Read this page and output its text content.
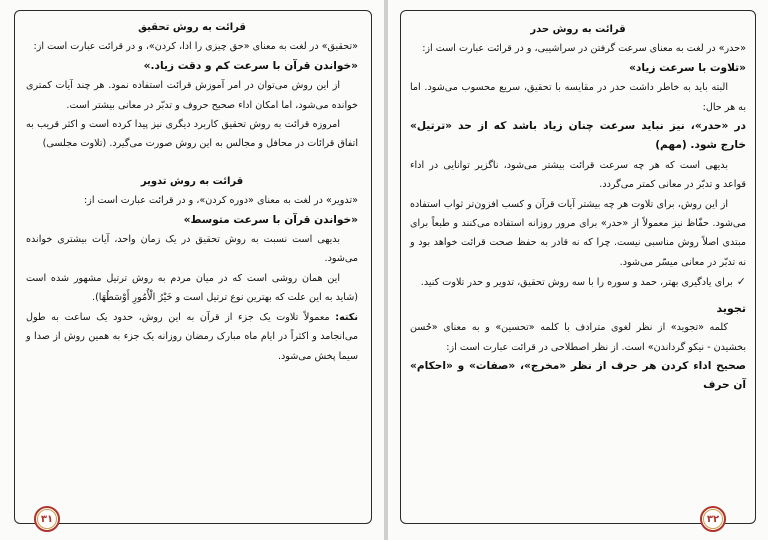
قرائت به روش تحقیق

«تحقیق» در لغت به معنای «حق چیزی را ادا، کردن»، و در قرائت عبارت است از:

«خواندن قرآن با سرعت کم و دقت زیاد.»

از این روش می‌توان در امر آموزش قرائت استفاده نمود. هر چند آیات کمتری خوانده می‌شود، اما امکان اداء صحیح حروف و تدبّر در معانی بیشتر است.

امروزه قرائت به روش تحقیق کاربرد دیگری نیز پیدا کرده است و اکثر قریب به اتفاق قرائات در محافل و مجالس به این روش صورت می‌گیرد. (تلاوت مجلسی)

قرائت به روش تدویر

«تدویر» در لغت به معنای «دوره کردن»، و در قرائت عبارت است از:

«خواندن قرآن با سرعت متوسط»

بدیهی است نسبت به روش تحقیق در یک زمان واحد، آیات بیشتری خوانده می‌شود.

این همان روشی است که در میان مردم به روش ترتیل مشهور شده است (شاید به این علت که بهترین نوع ترتیل است و خَیْرُ الْأُمُورِ أَوْسَطُهَا).

نکته: معمولاً تلاوت یک جزء از قرآن به این روش، حدود یک ساعت به طول می‌انجامد و اکثراً در ایام ماه مبارک رمضان روزانه یک جزء به همین روش از صدا و سیما پخش می‌شود.

۳۱

قرائت به روش حدر

«حدر» در لغت به معنای سرعت گرفتن در سراشیبی، و در قرائت عبارت است از:

«تلاوت با سرعت زیاد»

البته باید به خاطر داشت حدر در مقایسه با تحقیق، سریع محسوب می‌شود. اما به هر حال:

در «حدر»، نیز نباید سرعت چنان زیاد باشد که از حد «ترتیل» خارج شود. (مهم)

بدیهی است که هر چه سرعت قرائت بیشتر می‌شود، ناگزیر توانایی در اداء قواعد و تدبّر در معانی کمتر می‌گردد.

از این روش، برای تلاوت هر چه بیشتر آیات قرآن و کسب افزون‌تر ثواب استفاده می‌شود. حفّاظ نیز معمولاً از «حدر» برای مرور روزانه استفاده می‌کنند و طبعاً برای مبتدی اصلاً روش مناسبی نیست. چرا که نه قادر به حفظ صحت قرائت خواهد بود و نه تدبّر در معانی میسّر می‌شود.

✓برای یادگیری بهتر، حمد و سوره را با سه روش تحقیق، تدویر و حدر تلاوت کنید.

تجوید

کلمه «تجوید» از نظر لغوی مترادف با کلمه «تحسین» و به معنای «حُسن بخشیدن - نیکو گرداندن» است. از نظر اصطلاحی در قرائت عبارت است از:

صحیح اداء کردن هر حرف از نظر «مخرج»، «صفات» و «احکام» آن حرف

۳۲
